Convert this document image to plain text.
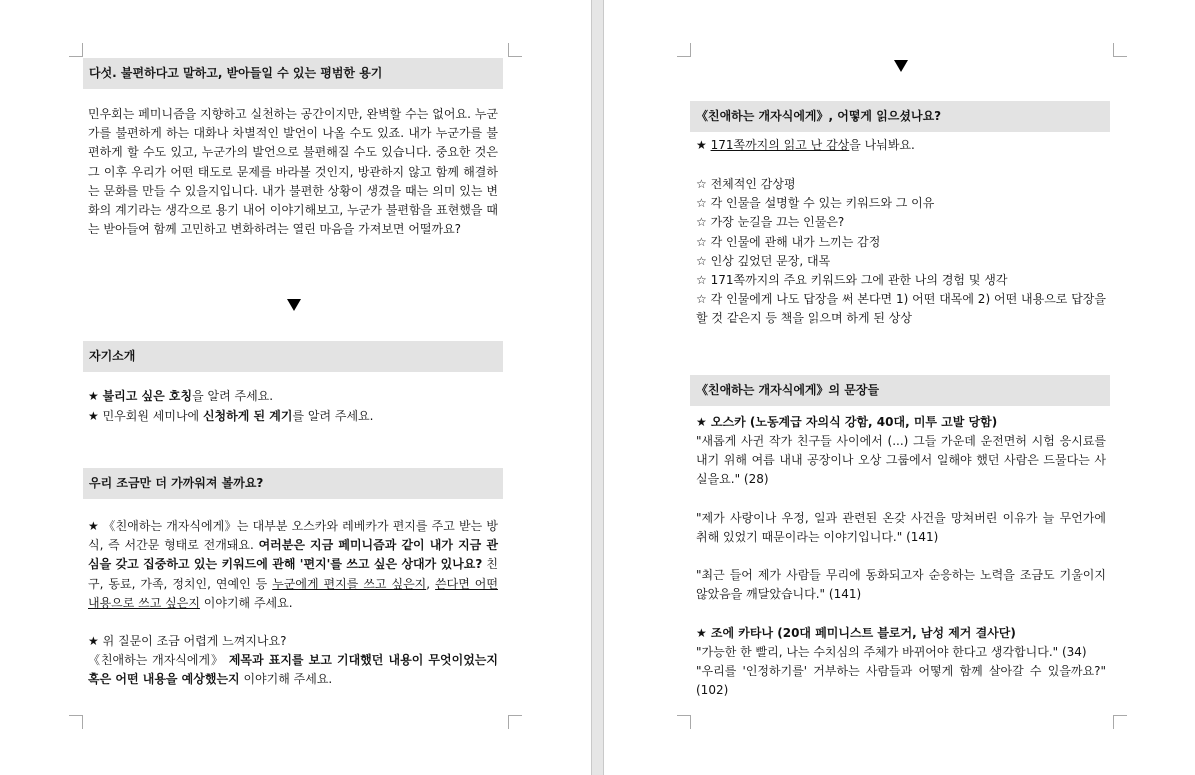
다섯. 불편하다고 말하고, 받아들일 수 있는 평범한 용기
민우회는 페미니즘을 지향하고 실천하는 공간이지만, 완벽할 수는 없어요. 누군가를 불편하게 하는 대화나 차별적인 발언이 나올 수도 있죠. 내가 누군가를 불편하게 할 수도 있고, 누군가의 발언으로 불편해질 수도 있습니다. 중요한 것은 그 이후 우리가 어떤 태도로 문제를 바라볼 것인지, 방관하지 않고 함께 해결하는 문화를 만들 수 있을지입니다. 내가 불편한 상황이 생겼을 때는 의미 있는 변화의 계기라는 생각으로 용기 내어 이야기해보고, 누군가 불편함을 표현했을 때는 받아들여 함께 고민하고 변화하려는 열린 마음을 가져보면 어떨까요?
자기소개
★ 불리고 싶은 호칭을 알려 주세요.
★ 민우회원 세미나에 신청하게 된 계기를 알려 주세요.
우리 조금만 더 가까워져 볼까요?
★ 《친애하는 개자식에게》는 대부분 오스카와 레베카가 편지를 주고 받는 방식, 즉 서간문 형태로 전개돼요. 여러분은 지금 페미니즘과 같이 내가 지금 관심을 갖고 집중하고 있는 키워드에 관해 '편지'를 쓰고 싶은 상대가 있나요? 친구, 동료, 가족, 정치인, 연예인 등 누군에게 편지를 쓰고 싶은지, 쓴다면 어떤 내용으로 쓰고 싶은지 이야기해 주세요.
★ 위 질문이 조금 어렵게 느껴지나요?
《친애하는 개자식에게》 제목과 표지를 보고 기대했던 내용이 무엇이었는지 혹은 어떤 내용을 예상했는지 이야기해 주세요.
《친애하는 개자식에게》, 어떻게 읽으셨나요?
★ 171쪽까지의 읽고 난 감상을 나눠봐요.
☆ 전체적인 감상평
☆ 각 인물을 설명할 수 있는 키워드와 그 이유
☆ 가장 눈길을 끄는 인물은?
☆ 각 인물에 관해 내가 느끼는 감정
☆ 인상 깊었던 문장, 대목
☆ 171쪽까지의 주요 키워드와 그에 관한 나의 경험 및 생각
☆ 각 인물에게 나도 답장을 써 본다면 1) 어떤 대목에 2) 어떤 내용으로 답장을 할 것 같은지 등 책을 읽으며 하게 된 상상
《친애하는 개자식에게》의 문장들
★ 오스카 (노동계급 자의식 강함, 40대, 미투 고발 당함)
"새롭게 사귄 작가 친구들 사이에서 (...) 그들 가운데 운전면허 시험 응시료를 내기 위해 여름 내내 공장이나 오상 그룹에서 일해야 했던 사람은 드물다는 사실을요." (28)
"제가 사랑이나 우정, 일과 관련된 온갖 사건을 망쳐버린 이유가 늘 무언가에 취해 있었기 때문이라는 이야기입니다." (141)
"최근 들어 제가 사람들 무리에 동화되고자 순응하는 노력을 조금도 기울이지 않았음을 깨달았습니다." (141)
★ 조에 카타나 (20대 페미니스트 블로거, 남성 제거 결사단)
"가능한 한 빨리, 나는 수치심의 주체가 바뀌어야 한다고 생각합니다." (34)
"우리를 '인정하기를' 거부하는 사람들과 어떻게 함께 살아갈 수 있을까요?" (102)
